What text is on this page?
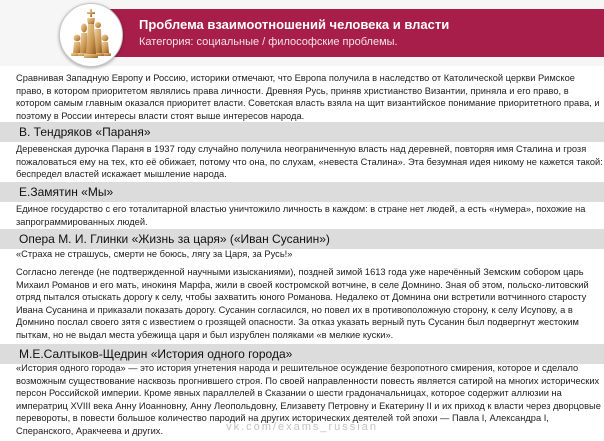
Проблема взаимоотношений человека и власти
Категория: социальные / философские проблемы.

Сравнивая Западную Европу и Россию, историки отмечают, что Европа получила в наследство от Католической церкви Римское право, в котором приоритетом являлись права личности. Древняя Русь, приняв христианство Византии, приняла и его право, в котором самым главным оказался приоритет власти. Советская власть взяла на щит византийское понимание приоритетного права, и поэтому в России интересы власти стоят выше интересов народа.

В. Тендряков «Параня»

Деревенская дурочка Параня в 1937 году случайно получила неограниченную власть над деревней, повторяя имя Сталина и грозя пожаловаться ему на тех, кто её обижает, потому что она, по слухам, «невеста Сталина». Эта безумная идея никому не кажется такой: беспредел властей искажает мышление народа.

Е.Замятин «Мы»

Единое государство с его тоталитарной властью уничтожило личность в каждом: в стране нет людей, а есть «нумера», похожие на запрограммированных людей.

Опера М. И. Глинки «Жизнь за царя» («Иван Сусанин»)

«Страха не страшусь, смерти не боюсь, лягу за Царя, за Русь!»

Согласно легенде (не подтвержденной научными изысканиями), поздней зимой 1613 года уже наречённый Земским собором царь Михаил Романов и его мать, инокиня Марфа, жили в своей костромской вотчине, в селе Домнино. Зная об этом, польско-литовский отряд пытался отыскать дорогу к селу, чтобы захватить юного Романова. Недалеко от Домнина они встретили вотчинного старосту Ивана Сусанина и приказали показать дорогу. Сусанин согласился, но повел их в противоположную сторону, к селу Исупову, а в Домнино послал своего зятя с известием о грозящей опасности. За отказ указать верный путь Сусанин был подвергнут жестоким пыткам, но не выдал места убежища царя и был изрублен поляками «в мелкие куски».

М.Е.Салтыков-Щедрин «История одного города»

«История одного города» — это история угнетения народа и решительное осуждение безропотного смирения, которое и сделало возможным существование насквозь прогнившего строя. По своей направленности повесть является сатирой на многих исторических персон Российской империи. Кроме явных параллелей в Сказании о шести градоначальницах, которое содержит аллюзии на императриц XVIII века Анну Иоанновну, Анну Леопольдовну, Елизавету Петровну и Екатерину II и их приход к власти через дворцовые перевороты, в повести большое количество пародий на других исторических деятелей той эпохи — Павла I, Александра I, Сперанского, Аракчеева и других.	vk.com/exams_russian
